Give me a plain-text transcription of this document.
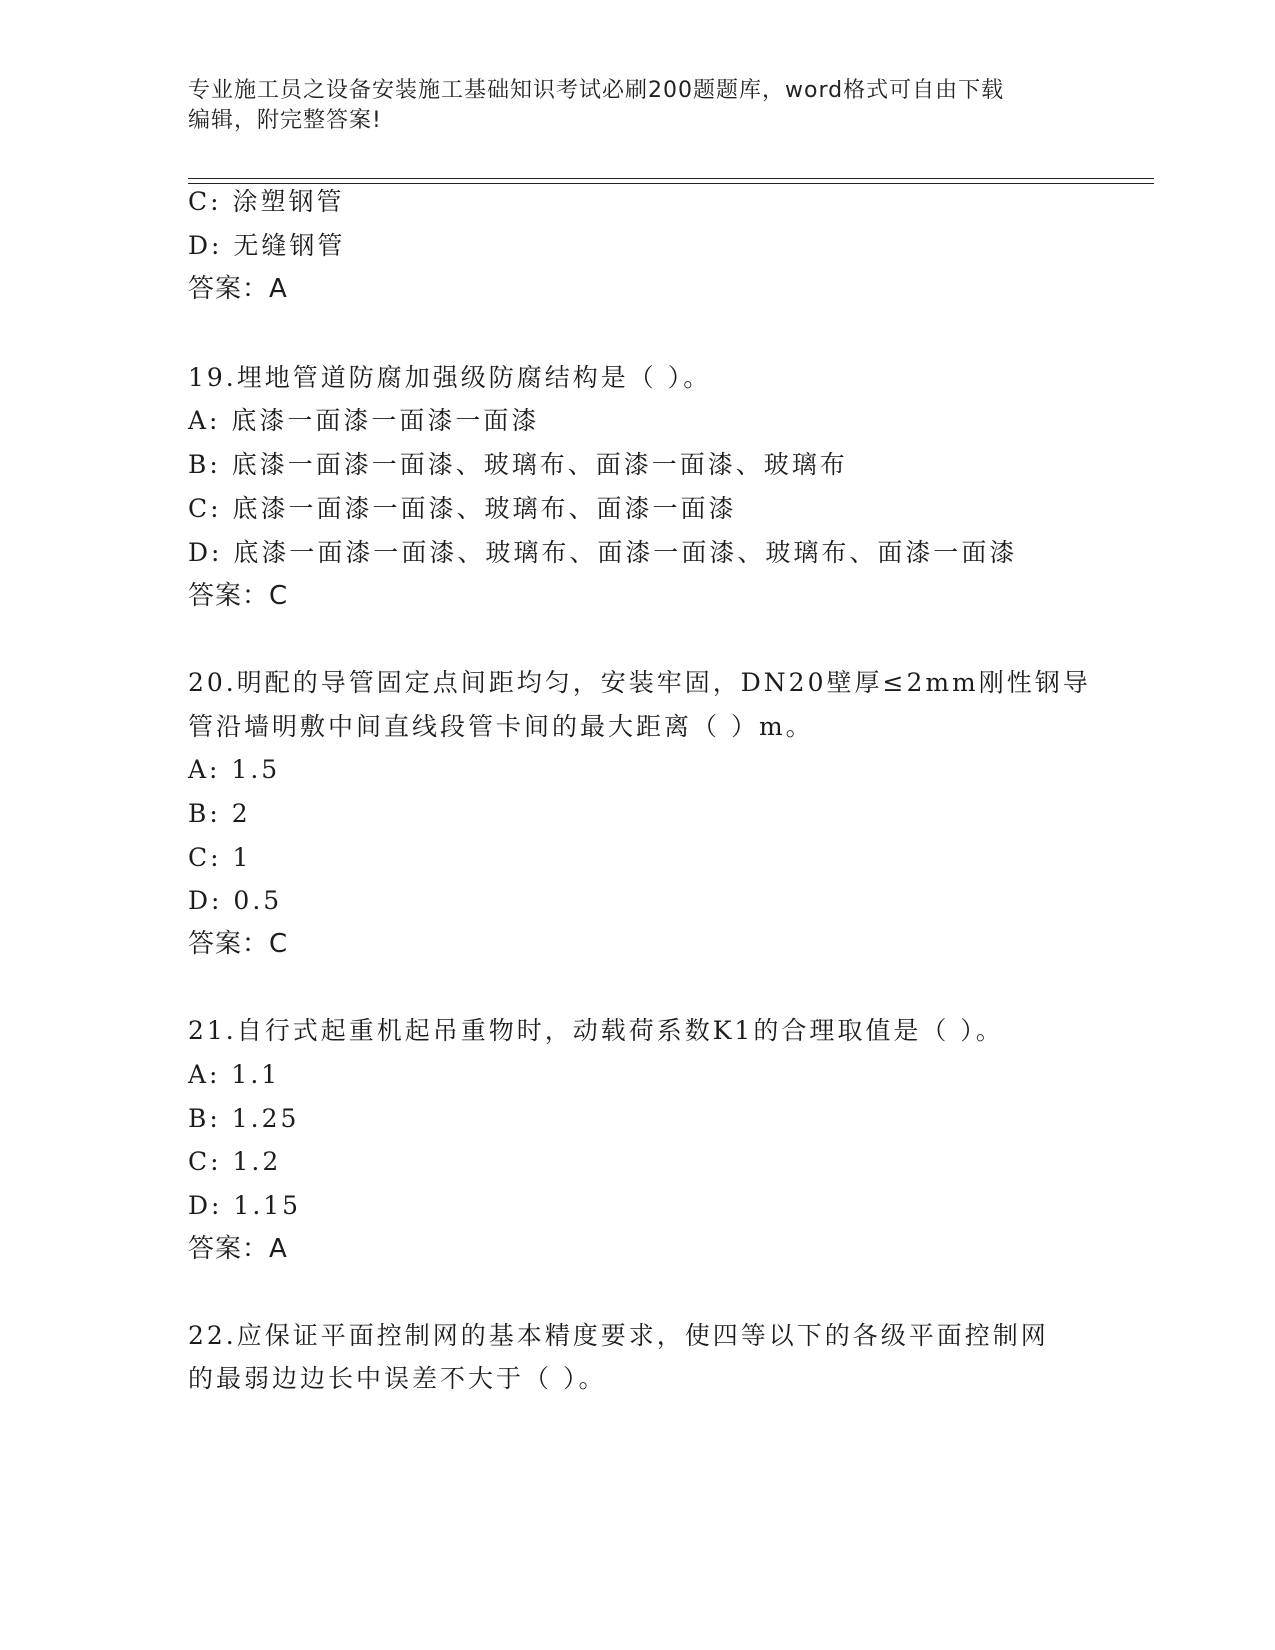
专业施工员之设备安装施工基础知识考试必刷200题题库，word格式可自由下载
编辑，附完整答案!
C: 涂塑钢管
D: 无缝钢管
答案：A
19.埋地管道防腐加强级防腐结构是（ ）。
A: 底漆一面漆一面漆一面漆
B: 底漆一面漆一面漆、玻璃布、面漆一面漆、玻璃布
C: 底漆一面漆一面漆、玻璃布、面漆一面漆
D: 底漆一面漆一面漆、玻璃布、面漆一面漆、玻璃布、面漆一面漆
答案：C
20.明配的导管固定点间距均匀，安装牢固，DN20壁厚≤2mm刚性钢导
管沿墙明敷中间直线段管卡间的最大距离（ ）m。
A: 1.5
B: 2
C: 1
D: 0.5
答案：C
21.自行式起重机起吊重物时，动载荷系数K1的合理取值是（ ）。
A: 1.1
B: 1.25
C: 1.2
D: 1.15
答案：A
22.应保证平面控制网的基本精度要求，使四等以下的各级平面控制网
的最弱边边长中误差不大于（ ）。
